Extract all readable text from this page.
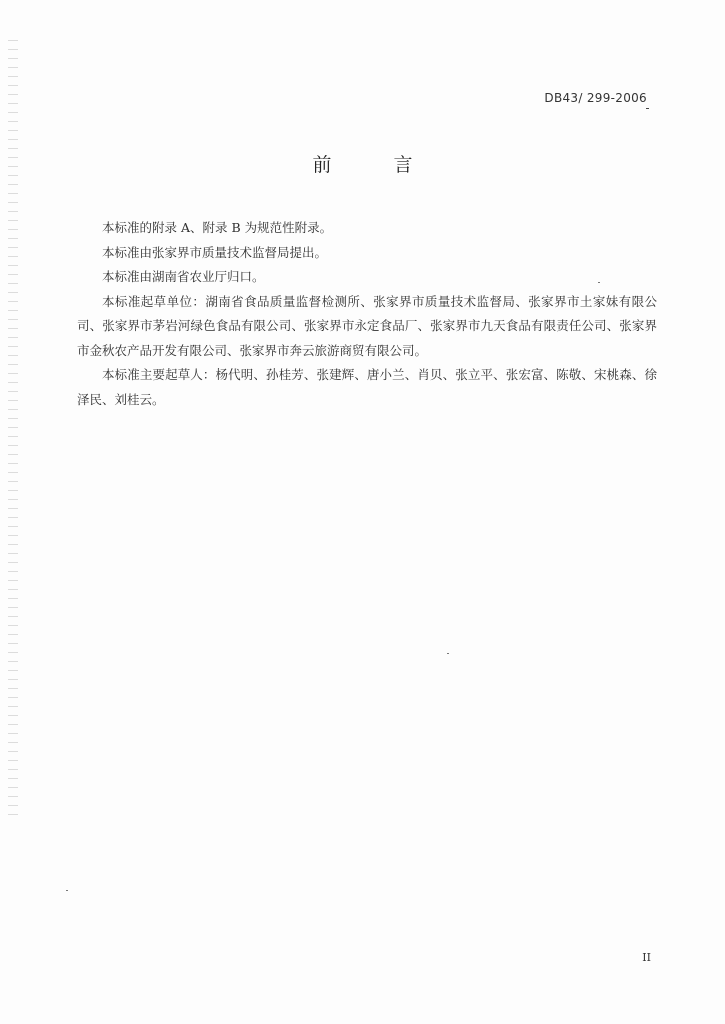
DB43/ 299-2006
前 言

本标准的附录 A、附录 B 为规范性附录。

本标准由张家界市质量技术监督局提出。

本标准由湖南省农业厅归口。

本标准起草单位：湖南省食品质量监督检测所、张家界市质量技术监督局、张家界市土家妹有限公司、张家界市茅岩河绿色食品有限公司、张家界市永定食品厂、张家界市九天食品有限责任公司、张家界市金秋农产品开发有限公司、张家界市奔云旅游商贸有限公司。

本标准主要起草人：杨代明、孙桂芳、张建辉、唐小兰、肖贝、张立平、张宏富、陈敬、宋桃森、徐泽民、刘桂云。

II
